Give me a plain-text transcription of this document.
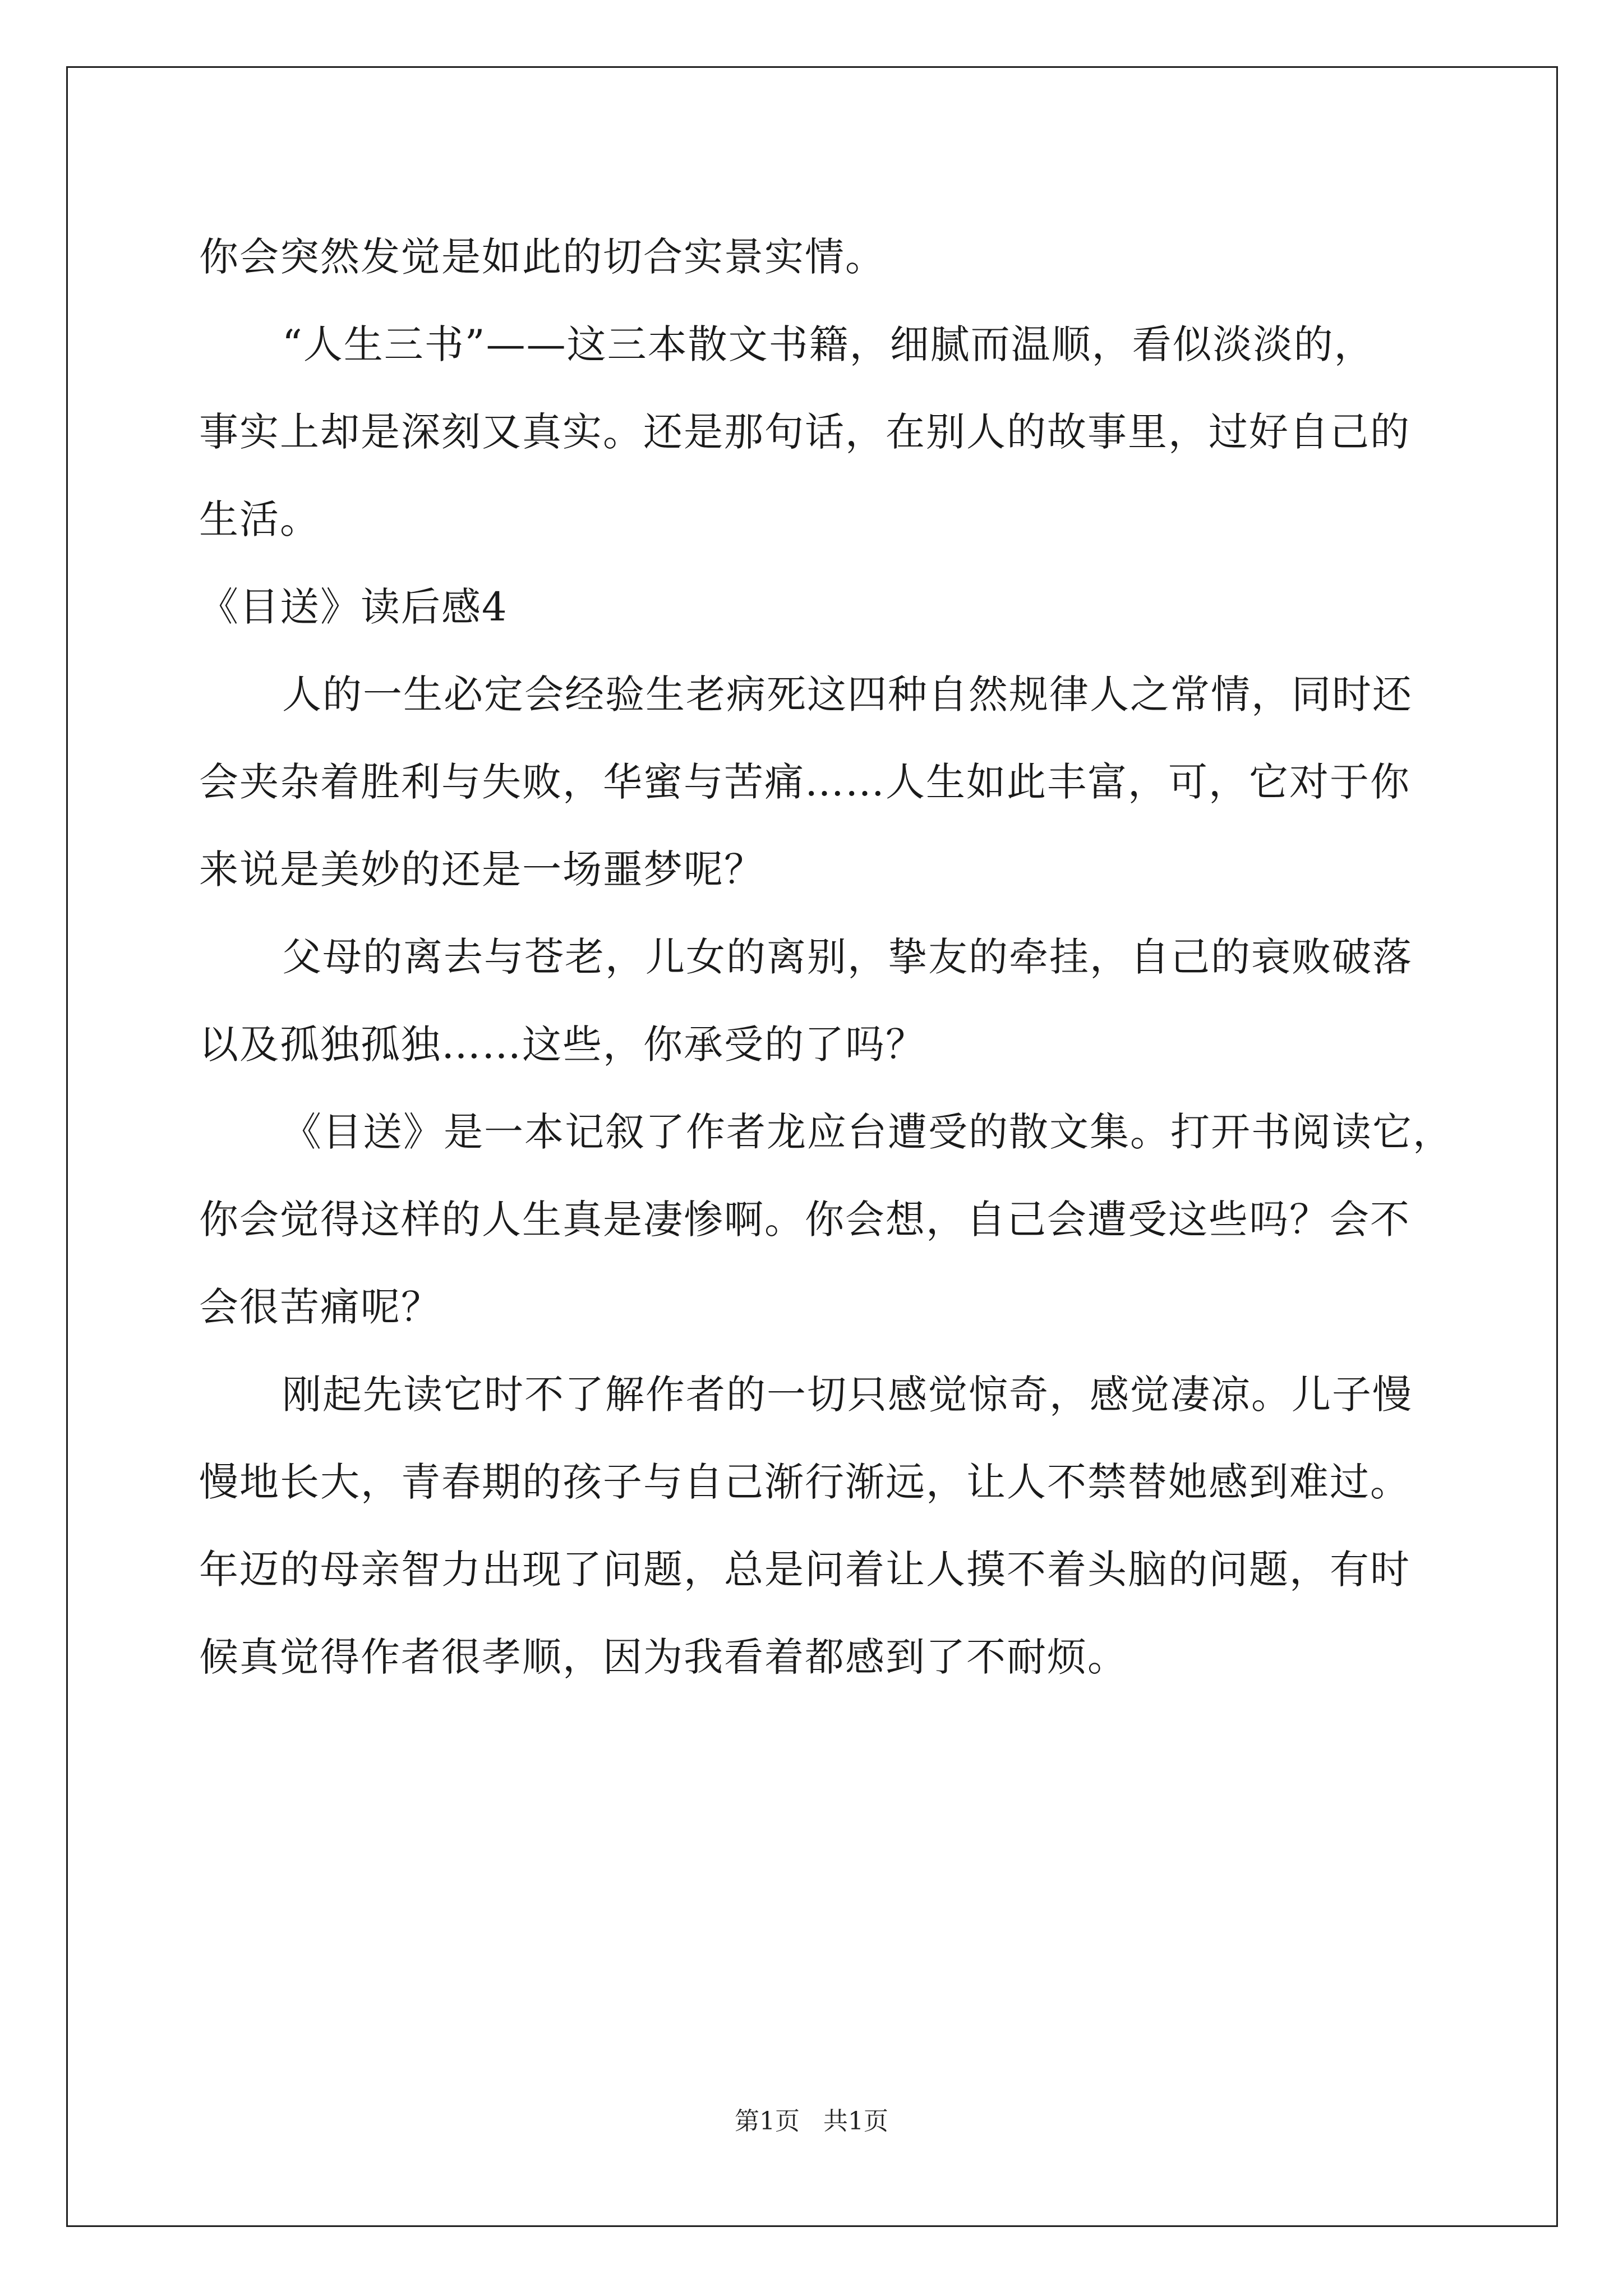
你会突然发觉是如此的切合实景实情。
“人生三书”——这三本散文书籍，细腻而温顺，看似淡淡的，
事实上却是深刻又真实。还是那句话，在别人的故事里，过好自己的
生活。
《目送》读后感4
人的一生必定会经验生老病死这四种自然规律人之常情，同时还
会夹杂着胜利与失败，华蜜与苦痛……人生如此丰富，可，它对于你
来说是美妙的还是一场噩梦呢？
父母的离去与苍老，儿女的离别，挚友的牵挂，自己的衰败破落
以及孤独孤独……这些，你承受的了吗？
《目送》是一本记叙了作者龙应台遭受的散文集。打开书阅读它，
你会觉得这样的人生真是凄惨啊。你会想，自己会遭受这些吗？会不
会很苦痛呢？
刚起先读它时不了解作者的一切只感觉惊奇，感觉凄凉。儿子慢
慢地长大，青春期的孩子与自己渐行渐远，让人不禁替她感到难过。
年迈的母亲智力出现了问题，总是问着让人摸不着头脑的问题，有时
候真觉得作者很孝顺，因为我看着都感到了不耐烦。
第1页   共1页
